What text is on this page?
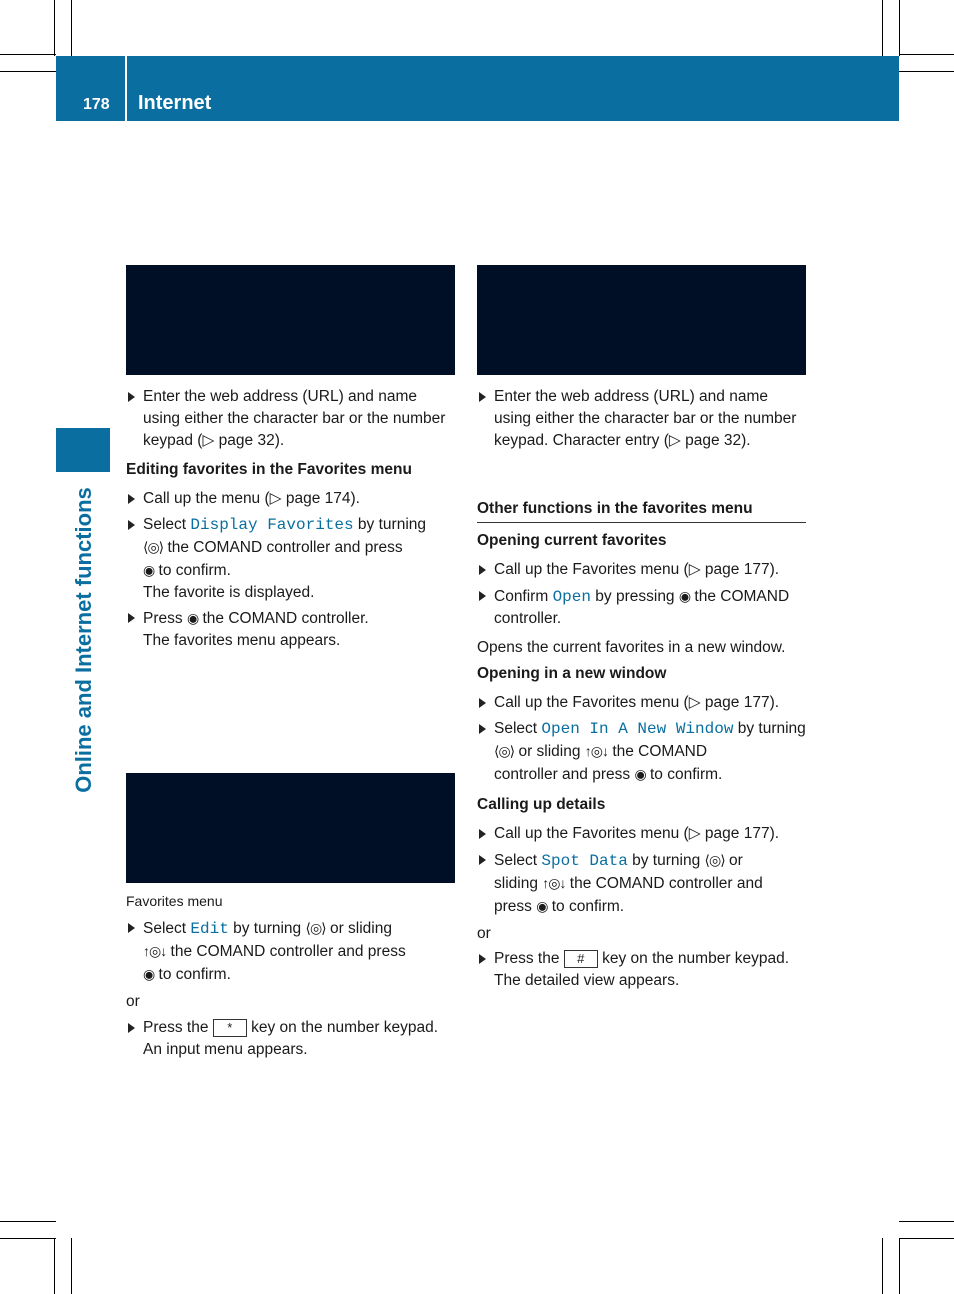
178 Internet
Online and Internet functions
Enter the web address (URL) and name using either the character bar or the number keypad (▷ page 32).
Editing favorites in the Favorites menu
Call up the menu (▷ page 174).
Select Display Favorites by turning
⟨◎⟩ the COMAND controller and press
◉ to confirm.
The favorite is displayed.
Press ◉ the COMAND controller.
The favorites menu appears.
Favorites menu
Select Edit by turning ⟨◎⟩ or sliding
↑◎↓ the COMAND controller and press
◉ to confirm.
or
Press the * key on the number keypad.
An input menu appears.
Enter the web address (URL) and name using either the character bar or the number keypad. Character entry (▷ page 32).
Other functions in the favorites menu
Opening current favorites
Call up the Favorites menu (▷ page 177).
Confirm Open by pressing ◉ the COMAND controller.
Opens the current favorites in a new window.
Opening in a new window
Call up the Favorites menu (▷ page 177).
Select Open In A New Window by turning
⟨◎⟩ or sliding ↑◎↓ the COMAND
controller and press ◉ to confirm.
Calling up details
Call up the Favorites menu (▷ page 177).
Select Spot Data by turning ⟨◎⟩ or
sliding ↑◎↓ the COMAND controller and
press ◉ to confirm.
or
Press the # key on the number keypad.
The detailed view appears.
